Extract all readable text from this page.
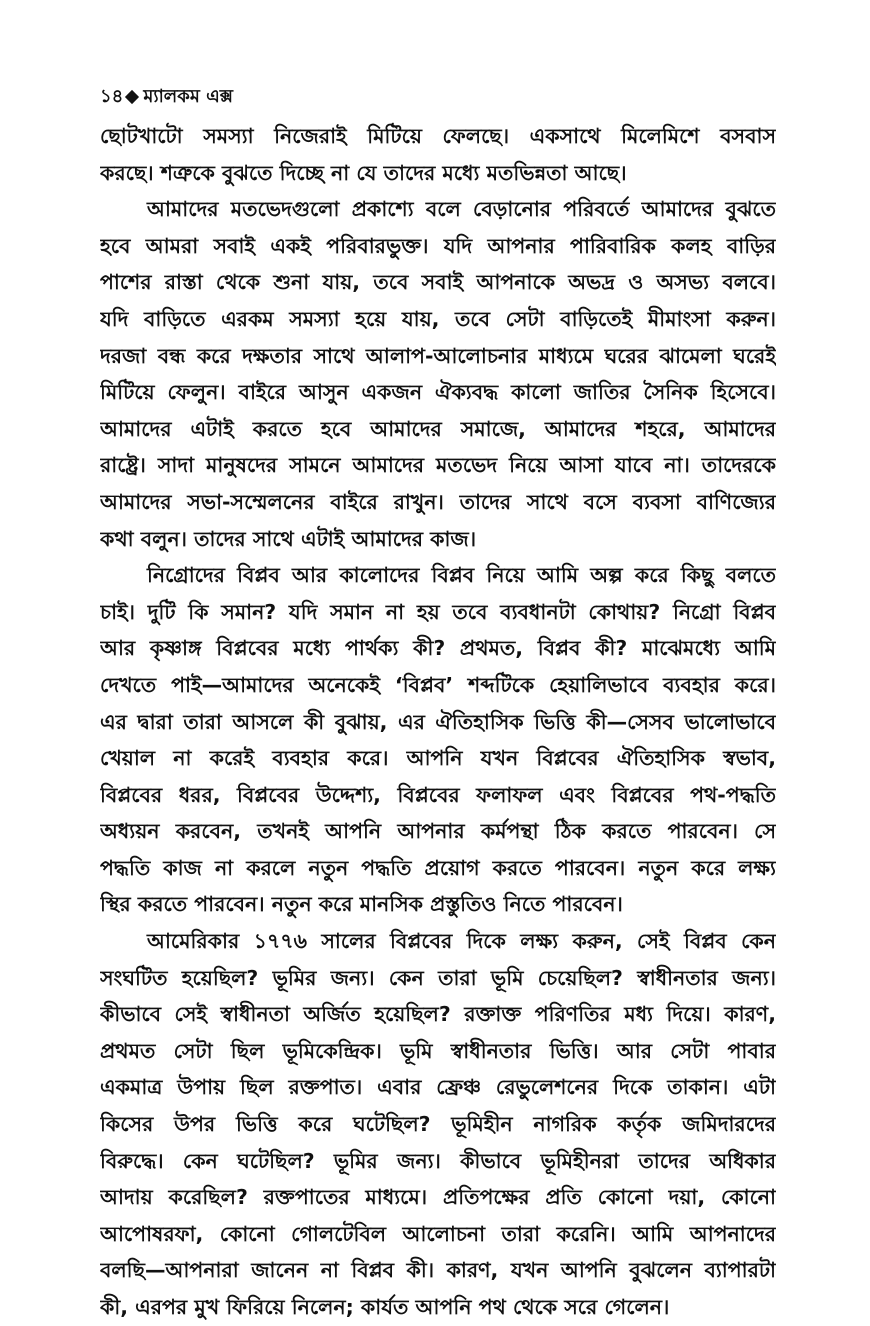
১৪ ম্যালকম এক্স
ছোটখাটো সমস্যা নিজেরাই মিটিয়ে ফেলছে। একসাথে মিলেমিশে বসবাস
করছে। শত্রুকে বুঝতে দিচ্ছে না যে তাদের মধ্যে মতভিন্নতা আছে।
আমাদের মতভেদগুলো প্রকাশ্যে বলে বেড়ানোর পরিবর্তে আমাদের বুঝতে
হবে আমরা সবাই একই পরিবারভুক্ত। যদি আপনার পারিবারিক কলহ বাড়ির
পাশের রাস্তা থেকে শুনা যায়, তবে সবাই আপনাকে অভদ্র ও অসভ্য বলবে।
যদি বাড়িতে এরকম সমস্যা হয়ে যায়, তবে সেটা বাড়িতেই মীমাংসা করুন।
দরজা বন্ধ করে দক্ষতার সাথে আলাপ-আলোচনার মাধ্যমে ঘরের ঝামেলা ঘরেই
মিটিয়ে ফেলুন। বাইরে আসুন একজন ঐক্যবদ্ধ কালো জাতির সৈনিক হিসেবে।
আমাদের এটাই করতে হবে আমাদের সমাজে, আমাদের শহরে, আমাদের
রাষ্ট্রে। সাদা মানুষদের সামনে আমাদের মতভেদ নিয়ে আসা যাবে না। তাদেরকে
আমাদের সভা-সম্মেলনের বাইরে রাখুন। তাদের সাথে বসে ব্যবসা বাণিজ্যের
কথা বলুন। তাদের সাথে এটাই আমাদের কাজ।
নিগ্রোদের বিপ্লব আর কালোদের বিপ্লব নিয়ে আমি অল্প করে কিছু বলতে
চাই। দুটি কি সমান? যদি সমান না হয় তবে ব্যবধানটা কোথায়? নিগ্রো বিপ্লব
আর কৃষ্ণাঙ্গ বিপ্লবের মধ্যে পার্থক্য কী? প্রথমত, বিপ্লব কী? মাঝেমধ্যে আমি
দেখতে পাই—আমাদের অনেকেই ‘বিপ্লব’ শব্দটিকে হেয়ালিভাবে ব্যবহার করে।
এর দ্বারা তারা আসলে কী বুঝায়, এর ঐতিহাসিক ভিত্তি কী—সেসব ভালোভাবে
খেয়াল না করেই ব্যবহার করে। আপনি যখন বিপ্লবের ঐতিহাসিক স্বভাব,
বিপ্লবের ধরর, বিপ্লবের উদ্দেশ্য, বিপ্লবের ফলাফল এবং বিপ্লবের পথ-পদ্ধতি
অধ্যয়ন করবেন, তখনই আপনি আপনার কর্মপন্থা ঠিক করতে পারবেন। সে
পদ্ধতি কাজ না করলে নতুন পদ্ধতি প্রয়োগ করতে পারবেন। নতুন করে লক্ষ্য
স্থির করতে পারবেন। নতুন করে মানসিক প্রস্তুতিও নিতে পারবেন।
আমেরিকার ১৭৭৬ সালের বিপ্লবের দিকে লক্ষ্য করুন, সেই বিপ্লব কেন
সংঘটিত হয়েছিল? ভূমির জন্য। কেন তারা ভূমি চেয়েছিল? স্বাধীনতার জন্য।
কীভাবে সেই স্বাধীনতা অর্জিত হয়েছিল? রক্তাক্ত পরিণতির মধ্য দিয়ে। কারণ,
প্রথমত সেটা ছিল ভূমিকেন্দ্রিক। ভূমি স্বাধীনতার ভিত্তি। আর সেটা পাবার
একমাত্র উপায় ছিল রক্তপাত। এবার ফ্রেঞ্চ রেভুলেশনের দিকে তাকান। এটা
কিসের উপর ভিত্তি করে ঘটেছিল? ভূমিহীন নাগরিক কর্তৃক জমিদারদের
বিরুদ্ধে। কেন ঘটেছিল? ভূমির জন্য। কীভাবে ভূমিহীনরা তাদের অধিকার
আদায় করেছিল? রক্তপাতের মাধ্যমে। প্রতিপক্ষের প্রতি কোনো দয়া, কোনো
আপোষরফা, কোনো গোলটেবিল আলোচনা তারা করেনি। আমি আপনাদের
বলছি—আপনারা জানেন না বিপ্লব কী। কারণ, যখন আপনি বুঝলেন ব্যাপারটা
কী, এরপর মুখ ফিরিয়ে নিলেন; কার্যত আপনি পথ থেকে সরে গেলেন।
